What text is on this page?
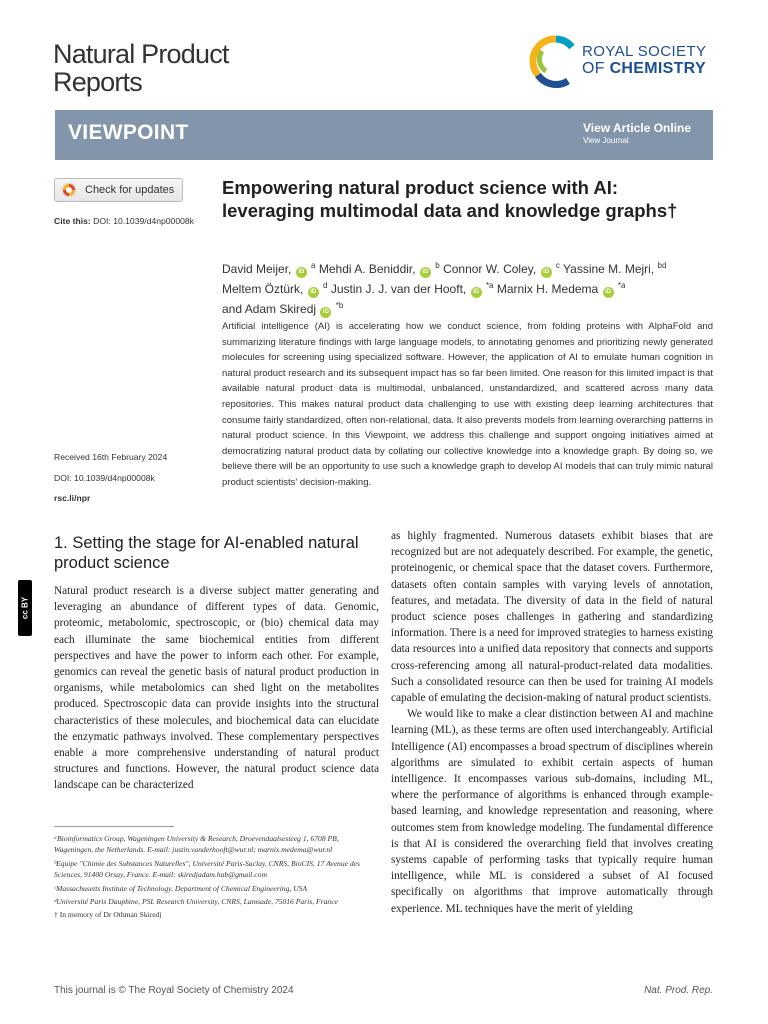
Natural Product
Reports
ROYAL SOCIETY
OF CHEMISTRY
VIEWPOINT	View Article Online
View Journal
Check for updates
Cite this: DOI: 10.1039/d4np00008k
Empowering natural product science with AI: leveraging multimodal data and knowledge graphs†
David Meijer, iD $^a$ Mehdi A. Beniddir, iD $^b$ Connor W. Coley, iD $^c$ Yassine M. Mejri, $^{bd}$
Meltem Öztürk, iD $^d$ Justin J. J. van der Hooft, iD $^{*a}$ Marnix H. Medema iD $^{*a}$
and Adam Skiredj iD $^{*b}$
Artificial intelligence (AI) is accelerating how we conduct science, from folding proteins with AlphaFold and summarizing literature findings with large language models, to annotating genomes and prioritizing newly generated molecules for screening using specialized software. However, the application of AI to emulate human cognition in natural product research and its subsequent impact has so far been limited. One reason for this limited impact is that available natural product data is multimodal, unbalanced, unstandardized, and scattered across many data repositories. This makes natural product data challenging to use with existing deep learning architectures that consume fairly standardized, often non-relational, data. It also prevents models from learning overarching patterns in natural product science. In this Viewpoint, we address this challenge and support ongoing initiatives aimed at democratizing natural product data by collating our collective knowledge into a knowledge graph. By doing so, we believe there will be an opportunity to use such a knowledge graph to develop AI models that can truly mimic natural product scientists' decision-making.
Received 16th February 2024
DOI: 10.1039/d4np00008k
rsc.li/npr
cc BY
1. Setting the stage for AI-enabled natural product science

Natural product research is a diverse subject matter generating and leveraging an abundance of different types of data. Genomic, proteomic, metabolomic, spectroscopic, or (bio) chemical data may each illuminate the same biochemical entities from different perspectives and have the power to inform each other. For example, genomics can reveal the genetic basis of natural product production in organisms, while metabolomics can shed light on the metabolites produced. Spectroscopic data can provide insights into the structural characteristics of these molecules, and biochemical data can elucidate the enzymatic pathways involved. These complementary perspectives enable a more comprehensive understanding of natural product structures and functions. However, the natural product science data landscape can be characterized

as highly fragmented. Numerous datasets exhibit biases that are recognized but are not adequately described. For example, the genetic, proteinogenic, or chemical space that the dataset covers. Furthermore, datasets often contain samples with varying levels of annotation, features, and metadata. The diversity of data in the field of natural product science poses challenges in gathering and standardizing information. There is a need for improved strategies to harness existing data resources into a unified data repository that connects and supports cross-referencing among all natural-product-related data modalities. Such a consolidated resource can then be used for training AI models capable of emulating the decision-making of natural product scientists.

We would like to make a clear distinction between AI and machine learning (ML), as these terms are often used interchangeably. Artificial Intelligence (AI) encompasses a broad spectrum of disciplines wherein algorithms are simulated to exhibit certain aspects of human intelligence. It encompasses various sub-domains, including ML, where the performance of algorithms is enhanced through example-based learning, and knowledge representation and reasoning, where outcomes stem from knowledge modeling. The fundamental difference is that AI is considered the overarching field that involves creating systems capable of performing tasks that typically require human intelligence, while ML is considered a subset of AI focused specifically on algorithms that improve automatically through experience. ML techniques have the merit of yielding

ᵃBioinformatics Group, Wageningen University & Research, Droevendaalsesteeg 1, 6708 PB, Wageningen, the Netherlands. E-mail: justin.vanderhooft@wur.nl; marnix.medema@wur.nl

ᵇEquipe "Chimie des Substances Naturelles", Université Paris-Saclay, CNRS, BioCIS, 17 Avenue des Sciences, 91400 Orsay, France. E-mail: skiredjadam.hub@gmail.com

ᶜMassachusetts Institute of Technology, Department of Chemical Engineering, USA

ᵈUniversité Paris Dauphine, PSL Research University, CNRS, Lamsade, 75016 Paris, France

† In memory of Dr Othman Skiredj

This journal is © The Royal Society of Chemistry 2024	Nat. Prod. Rep.
